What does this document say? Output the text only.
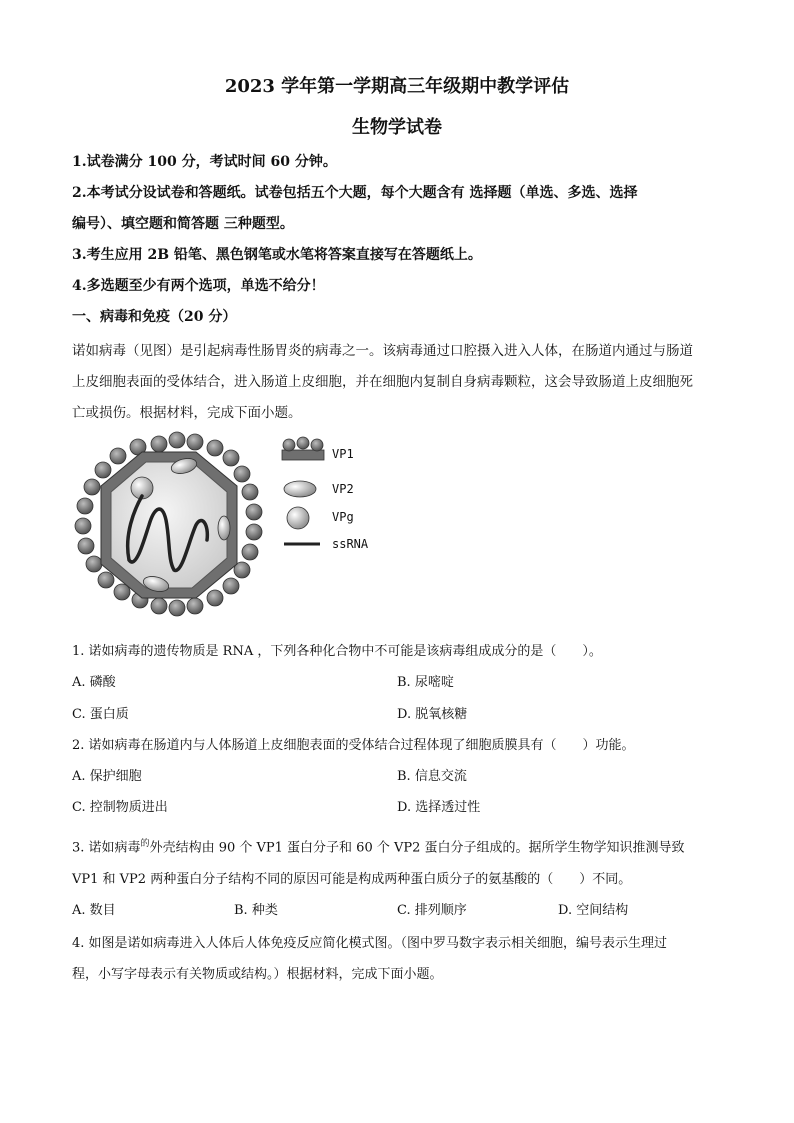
2023 学年第一学期高三年级期中教学评估
生物学试卷
1.试卷满分 100 分，考试时间 60 分钟。
2.本考试分设试卷和答题纸。试卷包括五个大题，每个大题含有 选择题（单选、多选、选择
编号）、填空题和简答题 三种题型。
3.考生应用 2B 铅笔、黑色钢笔或水笔将答案直接写在答题纸上。
4.多选题至少有两个选项，单选不给分！
一、病毒和免疫（20 分）
诺如病毒（见图）是引起病毒性肠胃炎的病毒之一。该病毒通过口腔摄入进入人体，在肠道内通过与肠道
上皮细胞表面的受体结合，进入肠道上皮细胞，并在细胞内复制自身病毒颗粒，这会导致肠道上皮细胞死
亡或损伤。根据材料，完成下面小题。
VP1
VP2
VPg
ssRNA
1. 诺如病毒的遗传物质是 RNA ，下列各种化合物中不可能是该病毒组成成分的是（　　）。
A. 磷酸	B. 尿嘧啶
C. 蛋白质	D. 脱氧核糖
2. 诺如病毒在肠道内与人体肠道上皮细胞表面的受体结合过程体现了细胞质膜具有（　　）功能。
A. 保护细胞	B. 信息交流
C. 控制物质进出	D. 选择透过性
3. 诺如病毒$^的$外壳结构由 90 个 VP1 蛋白分子和 60 个 VP2 蛋白分子组成的。据所学生物学知识推测导致
VP1 和 VP2 两种蛋白分子结构不同的原因可能是构成两种蛋白质分子的氨基酸的（　　）不同。
A. 数目	B. 种类	C. 排列顺序	D. 空间结构
4. 如图是诺如病毒进入人体后人体免疫反应简化模式图。（图中罗马数字表示相关细胞，编号表示生理过
程，小写字母表示有关物质或结构。）根据材料，完成下面小题。
